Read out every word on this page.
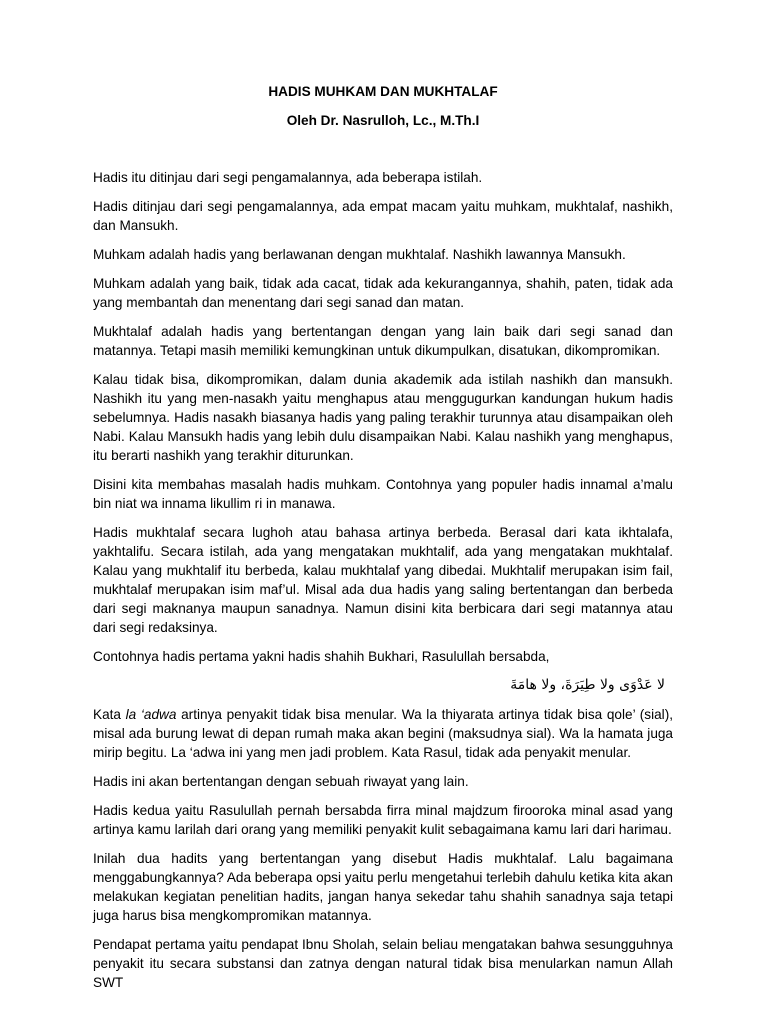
HADIS MUHKAM DAN MUKHTALAF

Oleh Dr. Nasrulloh, Lc., M.Th.I

Hadis itu ditinjau dari segi pengamalannya, ada beberapa istilah.

Hadis ditinjau dari segi pengamalannya, ada empat macam yaitu muhkam, mukhtalaf, nashikh, dan Mansukh.

Muhkam adalah hadis yang berlawanan dengan mukhtalaf. Nashikh lawannya Mansukh.

Muhkam adalah yang baik, tidak ada cacat, tidak ada kekurangannya, shahih, paten, tidak ada yang membantah dan menentang dari segi sanad dan matan.

Mukhtalaf adalah hadis yang bertentangan dengan yang lain baik dari segi sanad dan matannya. Tetapi masih memiliki kemungkinan untuk dikumpulkan, disatukan, dikompromikan.

Kalau tidak bisa, dikompromikan, dalam dunia akademik ada istilah nashikh dan mansukh. Nashikh itu yang men-nasakh yaitu menghapus atau menggugurkan kandungan hukum hadis sebelumnya. Hadis nasakh biasanya hadis yang paling terakhir turunnya atau disampaikan oleh Nabi. Kalau Mansukh hadis yang lebih dulu disampaikan Nabi. Kalau nashikh yang menghapus, itu berarti nashikh yang terakhir diturunkan.

Disini kita membahas masalah hadis muhkam. Contohnya yang populer hadis innamal a’malu bin niat wa innama likullim ri in manawa.

Hadis mukhtalaf secara lughoh atau bahasa artinya berbeda. Berasal dari kata ikhtalafa, yakhtalifu. Secara istilah, ada yang mengatakan mukhtalif, ada yang mengatakan mukhtalaf. Kalau yang mukhtalif itu berbeda, kalau mukhtalaf yang dibedai. Mukhtalif merupakan isim fail, mukhtalaf merupakan isim maf’ul. Misal ada dua hadis yang saling bertentangan dan berbeda dari segi maknanya maupun sanadnya. Namun disini kita berbicara dari segi matannya atau dari segi redaksinya.

Contohnya hadis pertama yakni hadis shahih Bukhari, Rasulullah bersabda,

لا عَدْوَى ولا طِيَرَةَ، ولا هامَةَ

Kata la ‘adwa artinya penyakit tidak bisa menular. Wa la thiyarata artinya tidak bisa qole’ (sial), misal ada burung lewat di depan rumah maka akan begini (maksudnya sial). Wa la hamata juga mirip begitu. La ‘adwa ini yang men jadi problem. Kata Rasul, tidak ada penyakit menular.

Hadis ini akan bertentangan dengan sebuah riwayat yang lain.

Hadis kedua yaitu Rasulullah pernah bersabda firra minal majdzum firooroka minal asad yang artinya kamu larilah dari orang yang memiliki penyakit kulit sebagaimana kamu lari dari harimau.

Inilah dua hadits yang bertentangan yang disebut Hadis mukhtalaf. Lalu bagaimana menggabungkannya? Ada beberapa opsi yaitu perlu mengetahui terlebih dahulu ketika kita akan melakukan kegiatan penelitian hadits, jangan hanya sekedar tahu shahih sanadnya saja tetapi juga harus bisa mengkompromikan matannya.

Pendapat pertama yaitu pendapat Ibnu Sholah, selain beliau mengatakan bahwa sesungguhnya penyakit itu secara substansi dan zatnya dengan natural tidak bisa menularkan namun Allah SWT
